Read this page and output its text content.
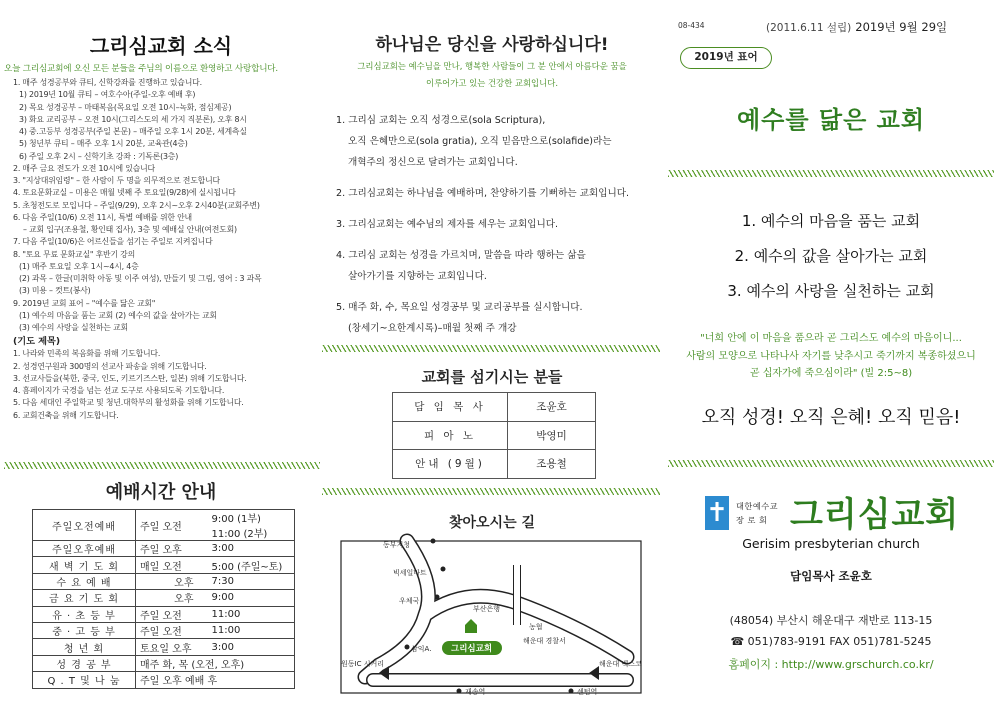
그리심교회 소식
오늘 그리심교회에 오신 모든 분들을 주님의 이름으로 환영하고 사랑합니다.
1. 매주 성경공부와 큐티, 신학강좌를 진행하고 있습니다.
1) 2019년 10월 큐티 – 여호수아(주일-오후 예배 후)
2) 목요 성경공부 – 마태복음(목요일 오전 10시–녹화, 점심제공)
3) 화요 교리공부 – 오전 10시(그리스도의 세 가지 직분론), 오후 8시
4) 중.고등부 성경공부(주일 본문) – 매주일 오후 1시 20분, 세계측실
5) 청년부 큐티 – 매주 오후 1시 20분, 교육관(4층)
6) 주일 오후 2시 – 신학기초 강좌 : 기독론(3층)
2. 매주 금요 전도가 오전 10시에 있습니다
3. "지상대위임령" – 한 사람이 두 명을 의무적으로 전도합니다
4. 토요문화교실 – 미용은 매월 넷째 주 토요일(9/28)에 실시됩니다
5. 초청전도로 모입니다 – 주일(9/29), 오후 2시~오후 2시40분(교회주변)
6. 다음 주일(10/6) 오전 11시, 특별 예배를 위한 안내
– 교회 입구(조용철, 황인태 집사), 3층 및 예배실 안내(여전도회)
7. 다음 주일(10/6)은 어르신들을 섬기는 주일로 지켜집니다
8. "토요 무료 문화교실" 후반기 강의
(1) 매주 토요일 오후 1시~4시, 4층
(2) 과목 – 한글(미취학 아동 및 이주 여성), 만들기 및 그림, 영어 : 3 과목
(3) 미용 – 컷트(봉사)
9. 2019년 교회 표어 – "예수를 닮은 교회"
(1) 예수의 마음을 품는 교회 (2) 예수의 값을 살아가는 교회
(3) 예수의 사랑을 실천하는 교회
(기도 제목)
1. 나라와 민족의 복음화를 위해 기도합니다.
2. 성경연구원과 300명의 선교사 파송을 위해 기도합니다.
3. 선교사들을(북한, 중국, 인도, 키르기즈스탄, 일본) 위해 기도합니다.
4. 흠페이지가 국경을 넘는 선교 도구로 사용되도록 기도합니다.
5. 다음 세대인 주일학교 및 청년.대학부의 활성화를 위해 기도합니다.
6. 교회건축을 위해 기도합니다.
예배시간 안내
주일오전예배	주일 오전	9:00 (1부)
11:00 (2부)

주일오후예배	주일 오후	3:00

새 벽 기 도 회	매일 오전	5:00 (주일~토)

수 요 예 배	오후	7:30

금 요 기 도 회	오후	9:00

유 · 초 등 부	주일 오전	11:00

중 · 고 등 부	주일 오전	11:00

청 년 회	토요일 오후	3:00

성 경 공 부	매주 화, 목 (오전, 오후)	
Q . T 및 나 눔	주일 오후 예배 후	
하나님은 당신을 사랑하십니다!
그리심교회는 예수님을 만나, 행복한 사람들이 그 분 안에서 아름다운 꿈을
이루어가고 있는 건강한 교회입니다.
1. 그리심 교회는 오직 성경으로(sola Scriptura),
오직 은혜만으로(sola gratia), 오직 믿음만으로(solafide)라는
개혁주의 정신으로 달려가는 교회입니다.
2. 그리심교회는 하나님을 예배하며, 찬양하기를 기뻐하는 교회입니다.
3. 그리심교회는 예수님의 제자를 세우는 교회입니다.
4. 그리심 교회는 성경을 가르치며, 말씀을 따라 행하는 삶을
살아가기를 지향하는 교회입니다.
5. 매주 화, 수, 목요일 성경공부 및 교리공부를 실시합니다.
(창세기~요한계시록)–매월 첫째 주 개강
교회를 섬기시는 분들
담 임 목 사	조윤호
피 아 노	박영미
안내 (9월)	조용철
찾아오시는 길
동부지청
빅세일마트
우체국
부산은행
그리심교회
삼익A.
농협
해운대 경찰서
원동IC 시거리	해운대 벡스코
재송역	센텀역
08-434	(2011.6.11 설립) 2019년 9월 29일
2019년 표어
예수를 닮은 교회
1. 예수의 마음을 품는 교회
2. 예수의 값을 살아가는 교회
3. 예수의 사랑을 실천하는 교회
"너희 안에 이 마음을 품으라 곧 그리스도 예수의 마음이니...
사람의 모양으로 나타나사 자기를 낮추시고 죽기까지 복종하셨으니
곧 십자가에 죽으심이라" (빌 2:5~8)
오직 성경! 오직 은혜! 오직 믿음!
✝ 대한예수교
장 로 회 그리심교회
Gerisim presbyterian church
담임목사 조윤호
(48054) 부산시 해운대구 재반로 113-15
☎ 051)783-9191 FAX 051)781-5245
홈페이지 : http://www.grschurch.co.kr/
